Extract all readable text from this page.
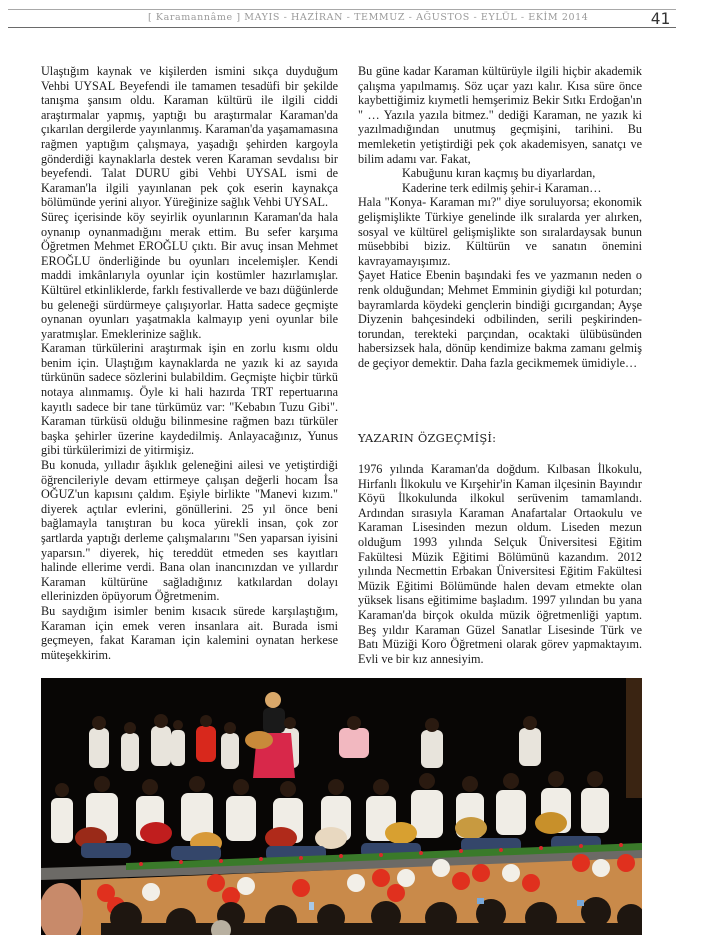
[ Karamannâme ] MAYIS - HAZİRAN - TEMMUZ - AĞUSTOS - EYLÜL - EKİM 2014	41

Ulaştığım kaynak ve kişilerden ismini sıkça duyduğum Vehbi UYSAL Beyefendi ile tamamen tesadüfi bir şekilde tanışma şansım oldu. Karaman kültürü ile ilgili ciddi araştırmalar yapmış, yaptığı bu araştırmalar Karaman'da çıkarılan dergilerde yayınlanmış. Karaman'da yaşamamasına rağmen yaptığım çalışmaya, yaşadığı şehirden kargoyla gönderdiği kaynaklarla destek veren Karaman sevdalısı bir beyefendi. Talat DURU gibi Vehbi UYSAL ismi de Karaman'la ilgili yayınlanan pek çok eserin kaynakça bölümünde yerini alıyor. Yüreğinize sağlık Vehbi UYSAL.

Süreç içerisinde köy seyirlik oyunlarının Karaman'da hala oynanıp oynanmadığını merak ettim. Bu sefer karşıma Öğretmen Mehmet EROĞLU çıktı. Bir avuç insan Mehmet EROĞLU önderliğinde bu oyunları incelemişler. Kendi maddi imkânlarıyla oyunlar için kostümler hazırlamışlar. Kültürel etkinliklerde, farklı festivallerde ve bazı düğünlerde bu geleneği sürdürmeye çalışıyorlar. Hatta sadece geçmişte oynanan oyunları yaşatmakla kalmayıp yeni oyunlar bile yaratmışlar. Emeklerinize sağlık.

Karaman türkülerini araştırmak işin en zorlu kısmı oldu benim için. Ulaştığım kaynaklarda ne yazık ki az sayıda türkünün sadece sözlerini bulabildim. Geçmişte hiçbir türkü notaya alınmamış. Öyle ki hali hazırda TRT repertuarına kayıtlı sadece bir tane türkümüz var: "Kebabın Tuzu Gibi". Karaman türküsü olduğu bilinmesine rağmen bazı türküler başka şehirler üzerine kaydedilmiş. Anlayacağınız, Yunus gibi türkülerimizi de yitirmişiz.

Bu konuda, yılladır âşıklık geleneğini ailesi ve yetiştirdiği öğrencileriyle devam ettirmeye çalışan değerli hocam İsa OĞUZ'un kapısını çaldım. Eşiyle birlikte "Manevi kızım." diyerek açtılar evlerini, gönüllerini. 25 yıl önce beni bağlamayla tanıştıran bu koca yürekli insan, çok zor şartlarda yaptığı derleme çalışmalarını "Sen yaparsan iyisini yaparsın." diyerek, hiç tereddüt etmeden ses kayıtları halinde ellerime verdi. Bana olan inancınızdan ve yıllardır Karaman kültürüne sağladığınız katkılardan dolayı ellerinizden öpüyorum Öğretmenim.

Bu saydığım isimler benim kısacık sürede karşılaştığım, Karaman için emek veren insanlara ait. Burada ismi geçmeyen, fakat Karaman için kalemini oynatan herkese müteşekkirim.

Bu güne kadar Karaman kültürüyle ilgili hiçbir akademik çalışma yapılmamış. Söz uçar yazı kalır. Kısa süre önce kaybettiğimiz kıymetli hemşerimiz Bekir Sıtkı Erdoğan'ın " … Yazıla yazıla bitmez." dediği Karaman, ne yazık ki yazılmadığından unutmuş geçmişini, tarihini. Bu memleketin yetiştirdiği pek çok akademisyen, sanatçı ve bilim adamı var. Fakat,

Kabuğunu kıran kaçmış bu diyarlardan,

Kaderine terk edilmiş şehir-i Karaman…

Hala "Konya- Karaman mı?" diye soruluyorsa; ekonomik gelişmişlikte Türkiye genelinde ilk sıralarda yer alırken, sosyal ve kültürel gelişmişlikte son sıralardaysak bunun müsebbibi biziz. Kültürün ve sanatın önemini kavrayamayışımız.

Şayet Hatice Ebenin başındaki fes ve yazmanın neden o renk olduğundan; Mehmet Emminin giydiği kıl poturdan; bayramlarda köydeki gençlerin bindiği gıcırgandan; Ayşe Diyzenin bahçesindeki odbilinden, serili peşkirinden-torundan, terekteki parçından, ocaktaki ülübüsünden habersizsek hala, dönüp kendimize bakma zamanı gelmiş de geçiyor demektir. Daha fazla gecikmemek ümidiyle…

YAZARIN ÖZGEÇMİŞİ:

1976 yılında Karaman'da doğdum. Kılbasan İlkokulu, Hirfanlı İlkokulu ve Kırşehir'in Kaman ilçesinin Bayındır Köyü İlkokulunda ilkokul serüvenim tamamlandı. Ardından sırasıyla Karaman Anafartalar Ortaokulu ve Karaman Lisesinden mezun oldum. Liseden mezun olduğum 1993 yılında Selçuk Üniversitesi Eğitim Fakültesi Müzik Eğitimi Bölümünü kazandım. 2012 yılında Necmettin Erbakan Üniversitesi Eğitim Fakültesi Müzik Eğitimi Bölümünde halen devam etmekte olan yüksek lisans eğitimime başladım. 1997 yılından bu yana Karaman'da birçok okulda müzik öğretmenliği yaptım. Beş yıldır Karaman Güzel Sanatlar Lisesinde Türk ve Batı Müziği Koro Öğretmeni olarak görev yapmaktayım. Evli ve bir kız annesiyim.
